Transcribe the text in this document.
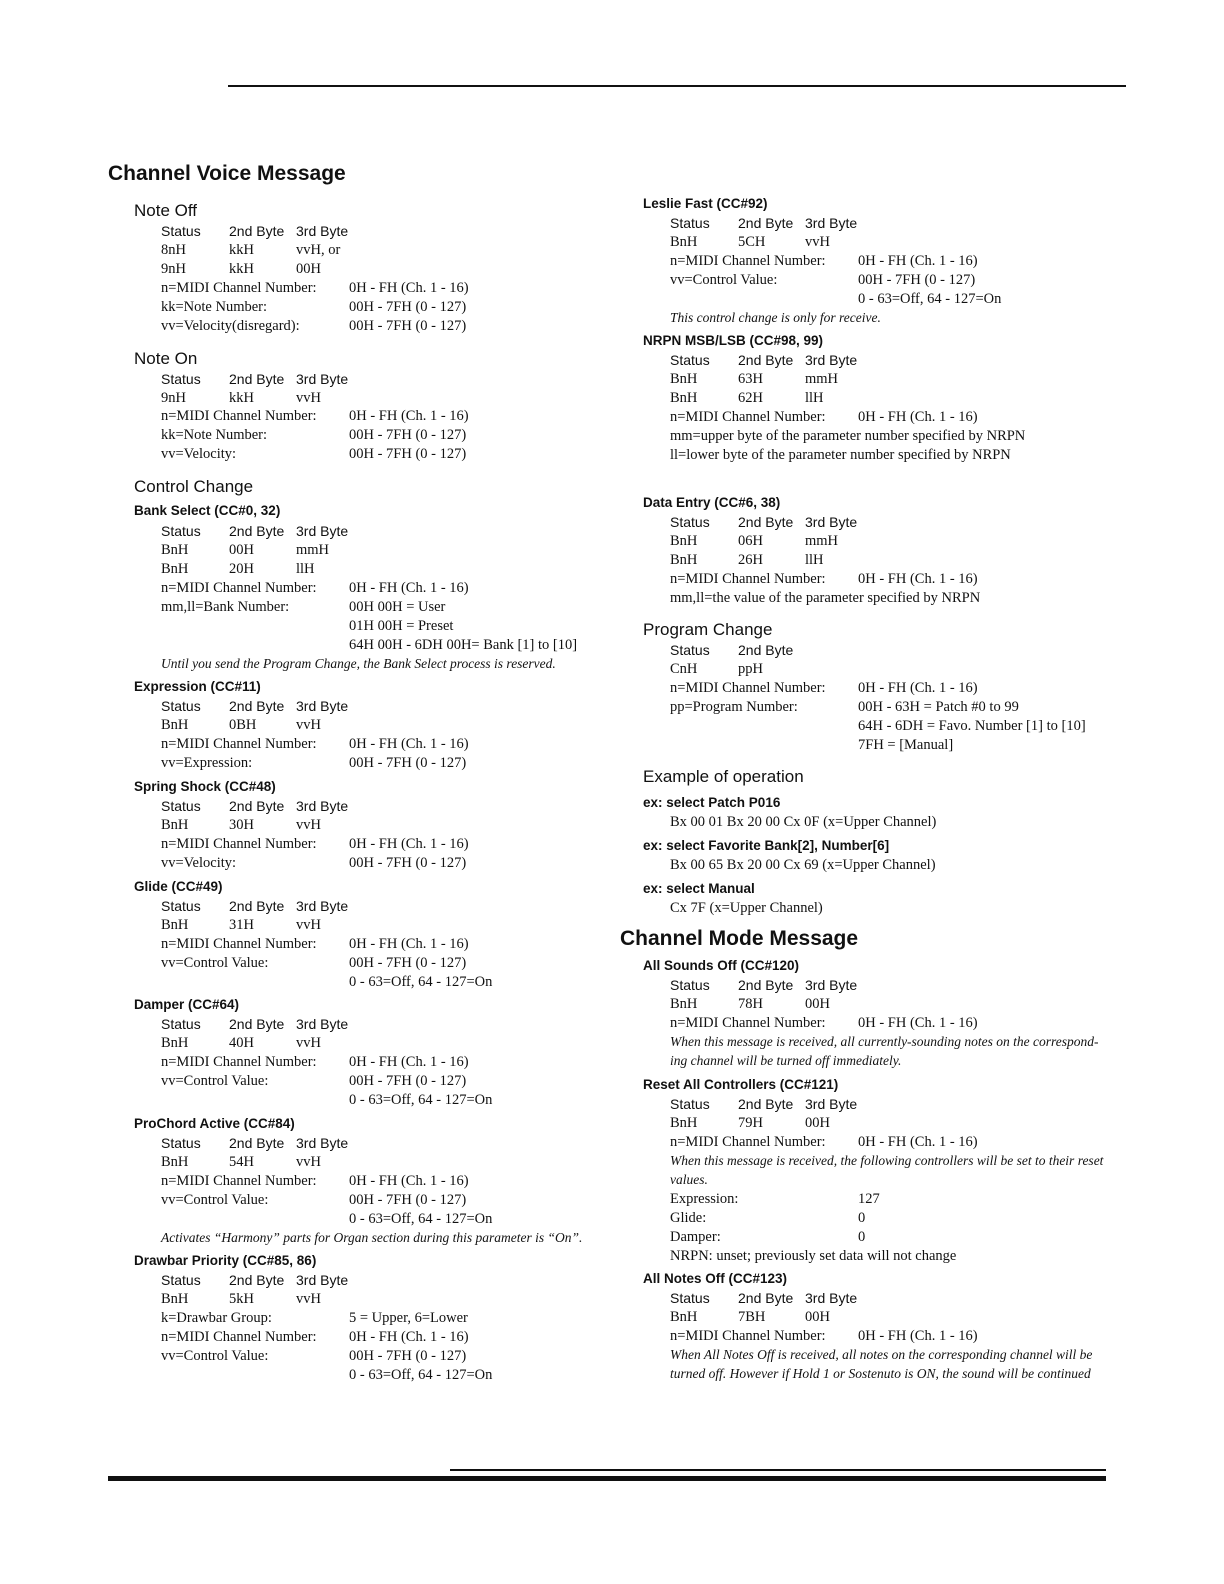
Channel Voice Message
Note Off
Status 2nd Byte 3rd Byte
8nH	kkH	vvH, or
9nH	kkH	00H
n=MIDI Channel Number: 0H - FH (Ch. 1 - 16)
kk=Note Number:	00H - 7FH (0 - 127)
vv=Velocity(disregard):	00H - 7FH (0 - 127)
Note On
Status 2nd Byte 3rd Byte
9nH	kkH	vvH
n=MIDI Channel Number: 0H - FH (Ch. 1 - 16)
kk=Note Number:	00H - 7FH (0 - 127)
vv=Velocity:	00H - 7FH (0 - 127)
Control Change
Bank Select (CC#0, 32)
Status 2nd Byte 3rd Byte
BnH	00H	mmH
BnH	20H	llH
n=MIDI Channel Number: 0H - FH (Ch. 1 - 16)
mm,ll=Bank Number:	00H 00H = User
01H 00H = Preset
64H 00H - 6DH 00H= Bank [1] to [10]
Until you send the Program Change, the Bank Select process is reserved.
Expression (CC#11)
Status 2nd Byte 3rd Byte
BnH	0BH	vvH
n=MIDI Channel Number: 0H - FH (Ch. 1 - 16)
vv=Expression:	00H - 7FH (0 - 127)
Spring Shock (CC#48)
Status 2nd Byte 3rd Byte
BnH	30H	vvH
n=MIDI Channel Number: 0H - FH (Ch. 1 - 16)
vv=Velocity:	00H - 7FH (0 - 127)
Glide (CC#49)
Status 2nd Byte 3rd Byte
BnH	31H	vvH
n=MIDI Channel Number: 0H - FH (Ch. 1 - 16)
vv=Control Value:	00H - 7FH (0 - 127)
0 - 63=Off, 64 - 127=On
Damper (CC#64)
Status 2nd Byte 3rd Byte
BnH	40H	vvH
n=MIDI Channel Number: 0H - FH (Ch. 1 - 16)
vv=Control Value:	00H - 7FH (0 - 127)
0 - 63=Off, 64 - 127=On
ProChord Active (CC#84)
Status 2nd Byte 3rd Byte
BnH	54H	vvH
n=MIDI Channel Number: 0H - FH (Ch. 1 - 16)
vv=Control Value:	00H - 7FH (0 - 127)
0 - 63=Off, 64 - 127=On
Activates “Harmony” parts for Organ section during this parameter is “On”.
Drawbar Priority (CC#85, 86)
Status 2nd Byte 3rd Byte
BnH	5kH	vvH
k=Drawbar Group:	5 = Upper, 6=Lower
n=MIDI Channel Number: 0H - FH (Ch. 1 - 16)
vv=Control Value:	00H - 7FH (0 - 127)
0 - 63=Off, 64 - 127=On
Leslie Fast (CC#92)
Status 2nd Byte 3rd Byte
BnH	5CH	vvH
n=MIDI Channel Number: 0H - FH (Ch. 1 - 16)
vv=Control Value:	00H - 7FH (0 - 127)
0 - 63=Off, 64 - 127=On
This control change is only for receive.
NRPN MSB/LSB (CC#98, 99)
Status 2nd Byte 3rd Byte
BnH	63H	mmH
BnH	62H	llH
n=MIDI Channel Number: 0H - FH (Ch. 1 - 16)
mm=upper byte of the parameter number specified by NRPN
ll=lower byte of the parameter number specified by NRPN
Data Entry (CC#6, 38)
Status 2nd Byte 3rd Byte
BnH	06H	mmH
BnH	26H	llH
n=MIDI Channel Number: 0H - FH (Ch. 1 - 16)
mm,ll=the value of the parameter specified by NRPN
Program Change
Status 2nd Byte
CnH	ppH
n=MIDI Channel Number: 0H - FH (Ch. 1 - 16)
pp=Program Number:	00H - 63H = Patch #0 to 99
64H - 6DH = Favo. Number [1] to [10]
7FH = [Manual]
Example of operation
ex: select Patch P016
Bx 00 01 Bx 20 00 Cx 0F (x=Upper Channel)
ex: select Favorite Bank[2], Number[6]
Bx 00 65 Bx 20 00 Cx 69 (x=Upper Channel)
ex: select Manual
Cx 7F (x=Upper Channel)
Channel Mode Message
All Sounds Off (CC#120)
Status 2nd Byte 3rd Byte
BnH	78H	00H
n=MIDI Channel Number: 0H - FH (Ch. 1 - 16)
When this message is received, all currently-sounding notes on the correspond-
ing channel will be turned off immediately.
Reset All Controllers (CC#121)
Status 2nd Byte 3rd Byte
BnH	79H	00H
n=MIDI Channel Number: 0H - FH (Ch. 1 - 16)
When this message is received, the following controllers will be set to their reset
values.
Expression:	127
Glide:	0
Damper:	0
NRPN: unset; previously set data will not change
All Notes Off (CC#123)
Status 2nd Byte 3rd Byte
BnH	7BH	00H
n=MIDI Channel Number: 0H - FH (Ch. 1 - 16)
When All Notes Off is received, all notes on the corresponding channel will be
turned off. However if Hold 1 or Sostenuto is ON, the sound will be continued
